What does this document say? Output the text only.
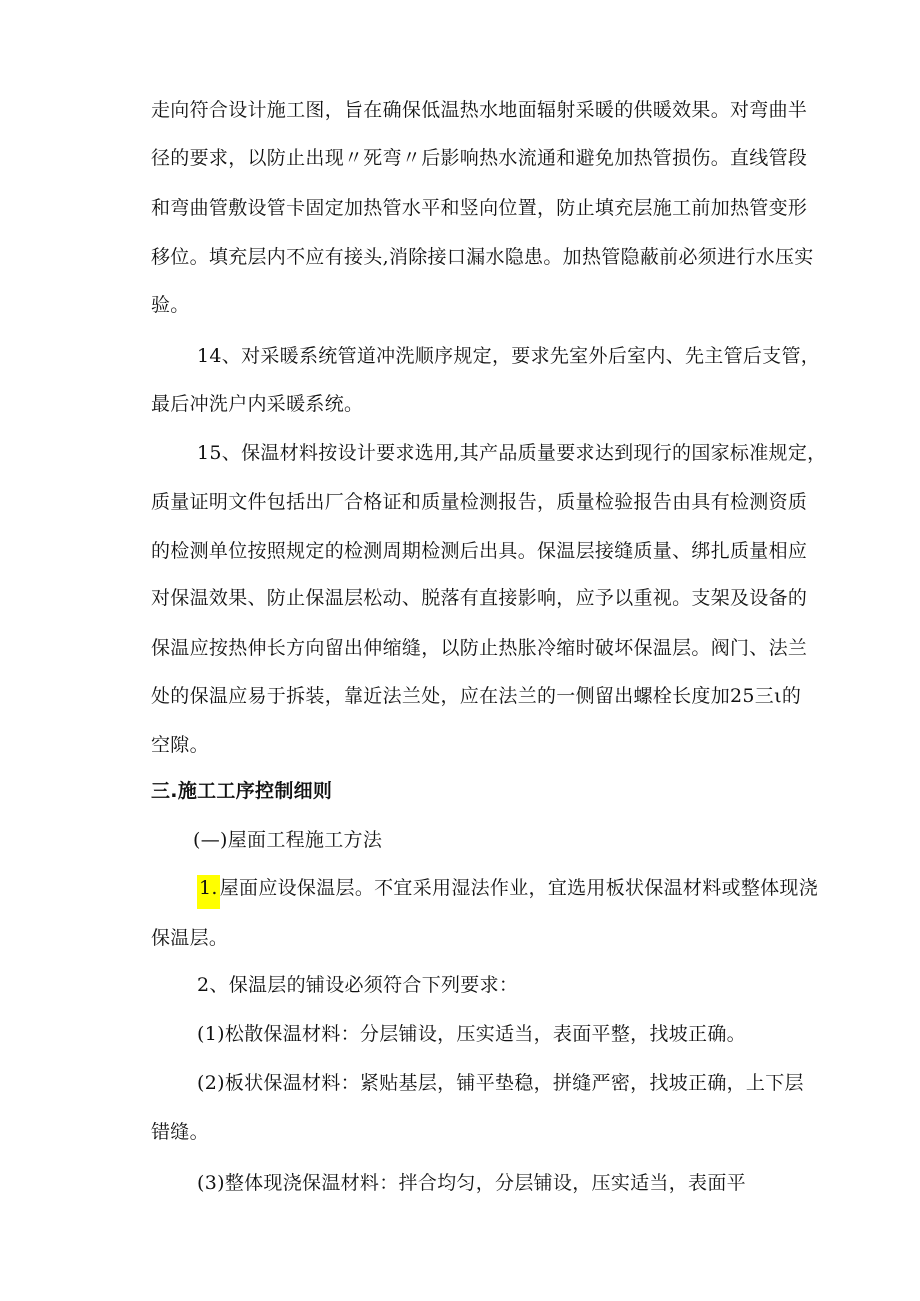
走向符合设计施工图，旨在确保低温热水地面辐射采暖的供暖效果。对弯曲半
径的要求，以防止出现〃死弯〃后影响热水流通和避免加热管损伤。直线管段
和弯曲管敷设管卡固定加热管水平和竖向位置，防止填充层施工前加热管变形
移位。填充层内不应有接头,消除接口漏水隐患。加热管隐蔽前必须进行水压实
验。
14、对采暖系统管道冲洗顺序规定，要求先室外后室内、先主管后支管，
最后冲洗户内采暖系统。
15、保温材料按设计要求选用,其产品质量要求达到现行的国家标准规定，
质量证明文件包括出厂合格证和质量检测报告，质量检验报告由具有检测资质
的检测单位按照规定的检测周期检测后出具。保温层接缝质量、绑扎质量相应
对保温效果、防止保温层松动、脱落有直接影响，应予以重视。支架及设备的
保温应按热伸长方向留出伸缩缝，以防止热胀冷缩时破坏保温层。阀门、法兰
处的保温应易于拆装，靠近法兰处，应在法兰的一侧留出螺栓长度加25三ι的
空隙。
三.施工工序控制细则
(—)屋面工程施工方法
1. 屋面应设保温层。不宜采用湿法作业，宜选用板状保温材料或整体现浇
保温层。
2、保温层的铺设必须符合下列要求：
(1)松散保温材料：分层铺设，压实适当，表面平整，找坡正确。
(2)板状保温材料：紧贴基层，铺平垫稳，拼缝严密，找坡正确，上下层
错缝。
(3)整体现浇保温材料：拌合均匀，分层铺设，压实适当，表面平
